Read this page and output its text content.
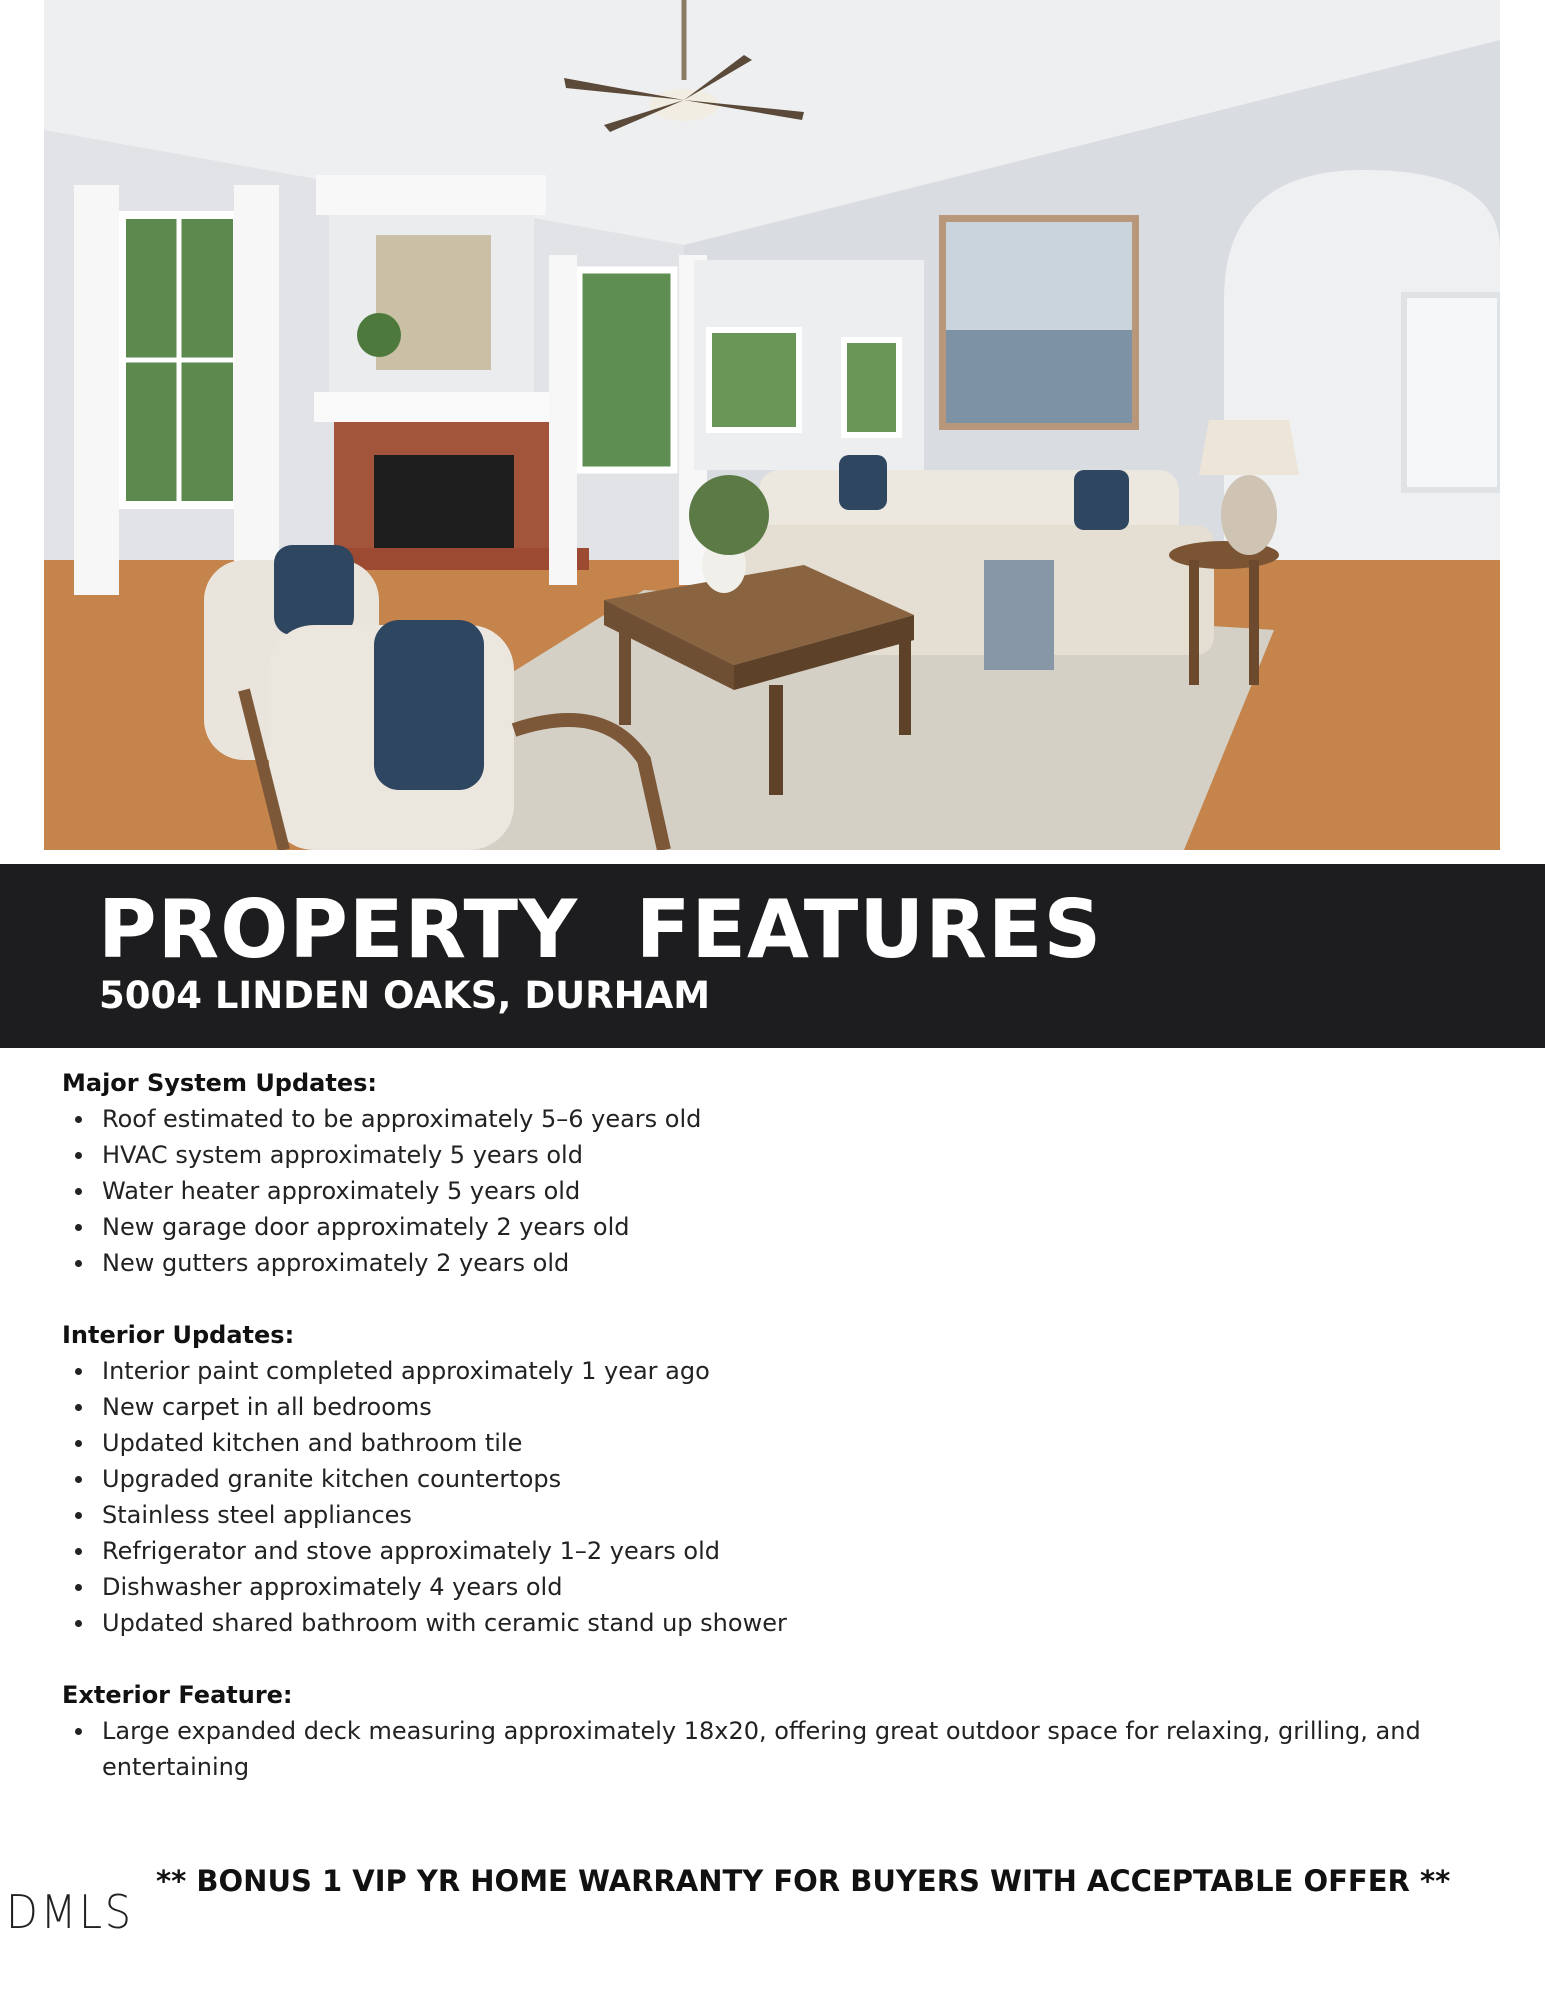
PROPERTY  FEATURES
5004 LINDEN OAKS, DURHAM
Major System Updates:
Roof estimated to be approximately 5–6 years old
HVAC system approximately 5 years old
Water heater approximately 5 years old
New garage door approximately 2 years old
New gutters approximately 2 years old
Interior Updates:
Interior paint completed approximately 1 year ago
New carpet in all bedrooms
Updated kitchen and bathroom tile
Upgraded granite kitchen countertops
Stainless steel appliances
Refrigerator and stove approximately 1–2 years old
Dishwasher approximately 4 years old
Updated shared bathroom with ceramic stand up shower
Exterior Feature:
Large expanded deck measuring approximately 18x20, offering great outdoor space for relaxing, grilling, and entertaining
DMLS
** BONUS 1 VIP YR HOME WARRANTY FOR BUYERS WITH ACCEPTABLE OFFER **
